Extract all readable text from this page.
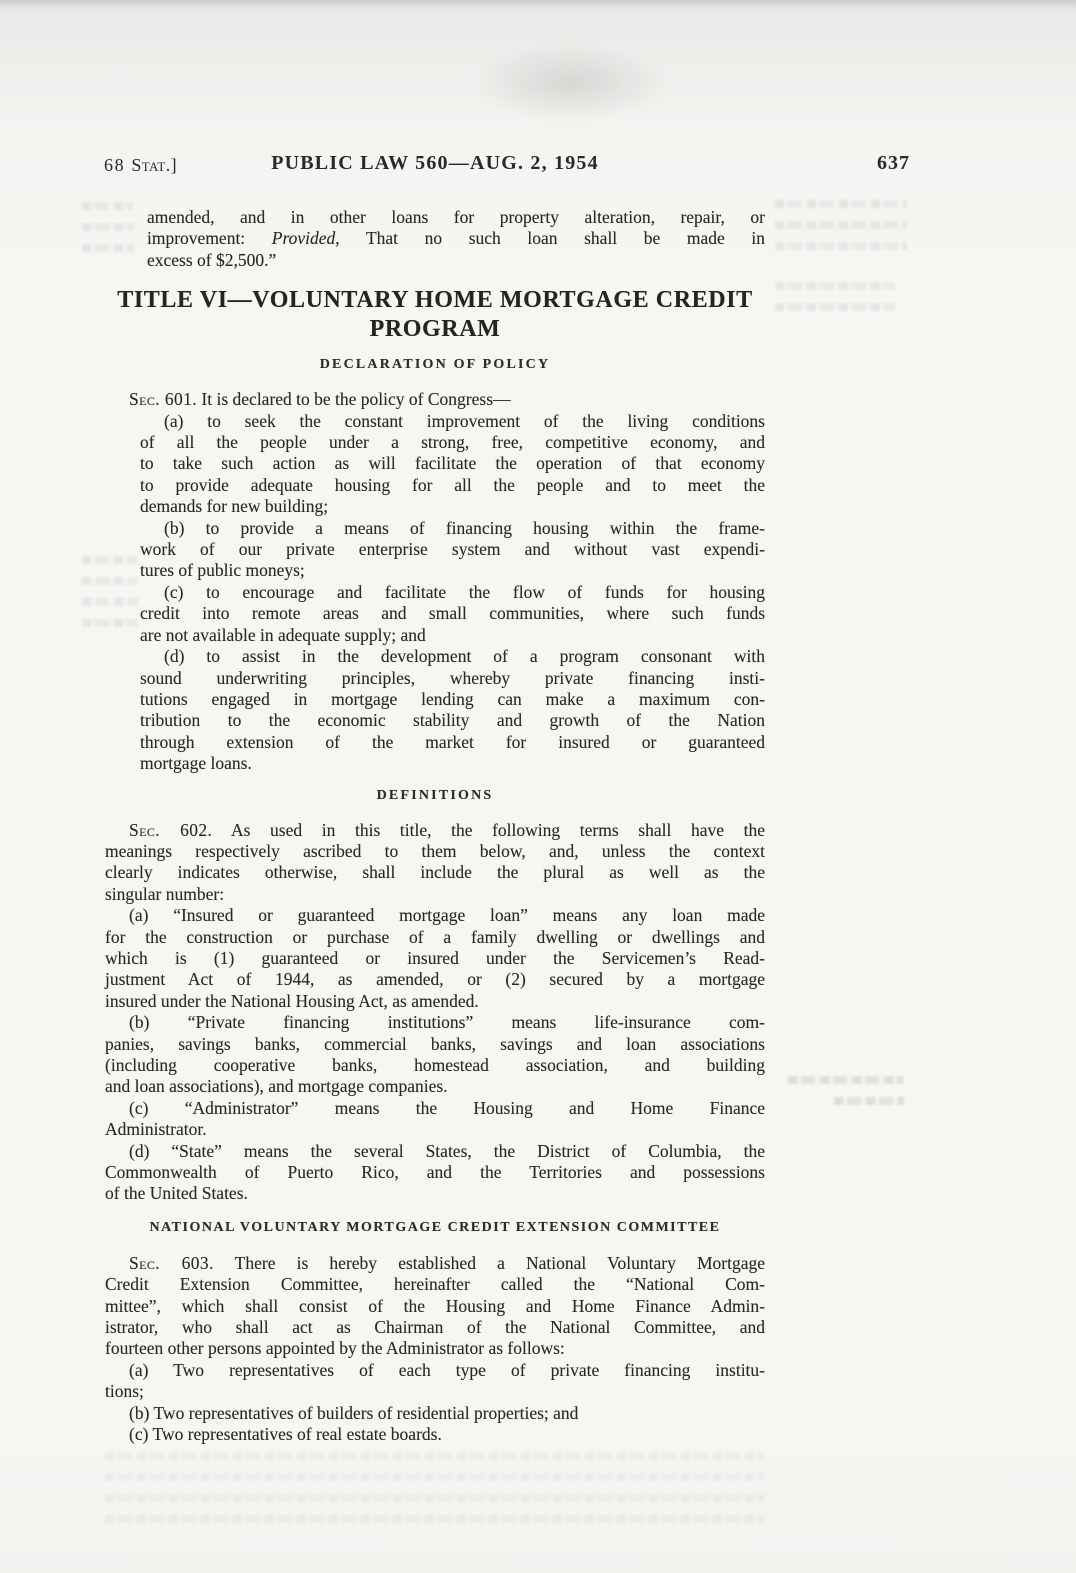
68 Stat.]	PUBLIC LAW 560—AUG. 2, 1954	637
amended, and in other loans for property alteration, repair, or
improvement: Provided, That no such loan shall be made in
excess of $2,500.”
TITLE VI—VOLUNTARY HOME MORTGAGE CREDIT
PROGRAM
DECLARATION OF POLICY
Sec. 601. It is declared to be the policy of Congress—
(a) to seek the constant improvement of the living conditions
of all the people under a strong, free, competitive economy, and
to take such action as will facilitate the operation of that economy
to provide adequate housing for all the people and to meet the
demands for new building;
(b) to provide a means of financing housing within the frame-
work of our private enterprise system and without vast expendi-
tures of public moneys;
(c) to encourage and facilitate the flow of funds for housing
credit into remote areas and small communities, where such funds
are not available in adequate supply; and
(d) to assist in the development of a program consonant with
sound underwriting principles, whereby private financing insti-
tutions engaged in mortgage lending can make a maximum con-
tribution to the economic stability and growth of the Nation
through extension of the market for insured or guaranteed
mortgage loans.
DEFINITIONS
Sec. 602. As used in this title, the following terms shall have the
meanings respectively ascribed to them below, and, unless the context
clearly indicates otherwise, shall include the plural as well as the
singular number:
(a) “Insured or guaranteed mortgage loan” means any loan made
for the construction or purchase of a family dwelling or dwellings and
which is (1) guaranteed or insured under the Servicemen’s Read-
justment Act of 1944, as amended, or (2) secured by a mortgage
insured under the National Housing Act, as amended.
(b) “Private financing institutions” means life-insurance com-
panies, savings banks, commercial banks, savings and loan associations
(including cooperative banks, homestead association, and building
and loan associations), and mortgage companies.
(c) “Administrator” means the Housing and Home Finance
Administrator.
(d) “State” means the several States, the District of Columbia, the
Commonwealth of Puerto Rico, and the Territories and possessions
of the United States.
NATIONAL VOLUNTARY MORTGAGE CREDIT EXTENSION COMMITTEE
Sec. 603. There is hereby established a National Voluntary Mortgage
Credit Extension Committee, hereinafter called the “National Com-
mittee”, which shall consist of the Housing and Home Finance Admin-
istrator, who shall act as Chairman of the National Committee, and
fourteen other persons appointed by the Administrator as follows:
(a) Two representatives of each type of private financing institu-
tions;
(b) Two representatives of builders of residential properties; and
(c) Two representatives of real estate boards.
